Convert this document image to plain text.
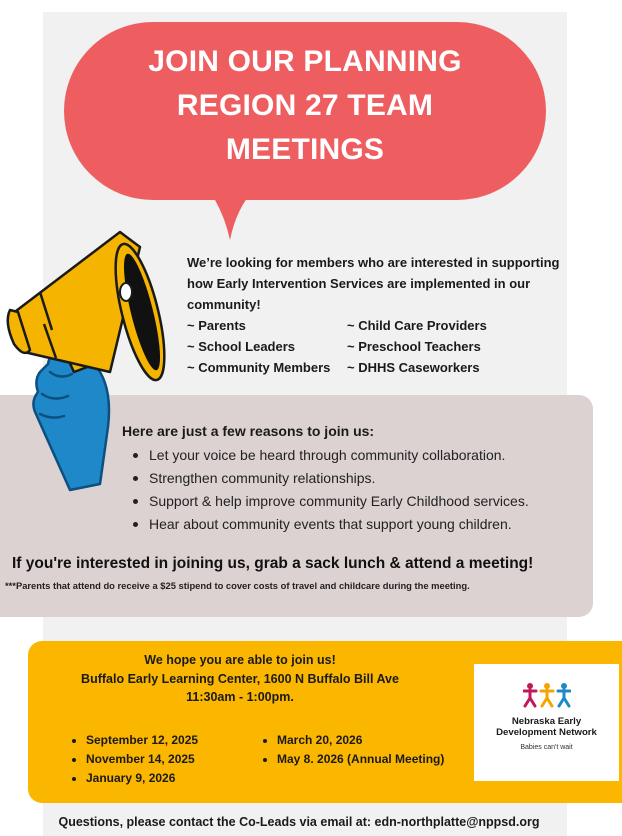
JOIN OUR PLANNING
REGION 27 TEAM
MEETINGS
We’re looking for members who are interested in supporting
how Early Intervention Services are implemented in our
community!
~ Parents
~ School Leaders
~ Community Members
~ Child Care Providers
~ Preschool Teachers
~ DHHS Caseworkers
Here are just a few reasons to join us:
Let your voice be heard through community collaboration.
Strengthen community relationships.
Support & help improve community Early Childhood services.
Hear about community events that support young children.
If you're interested in joining us, grab a sack lunch & attend a meeting!
***Parents that attend do receive a $25 stipend to cover costs of travel and childcare during the meeting.
We hope you are able to join us!
Buffalo Early Learning Center, 1600 N Buffalo Bill Ave
11:30am - 1:00pm.
September 12, 2025
November 14, 2025
January 9, 2026
March 20, 2026
May 8. 2026 (Annual Meeting)
Nebraska Early
Development Network
Babies can't wait
Questions, please contact the Co-Leads via email at: edn-northplatte@nppsd.org
